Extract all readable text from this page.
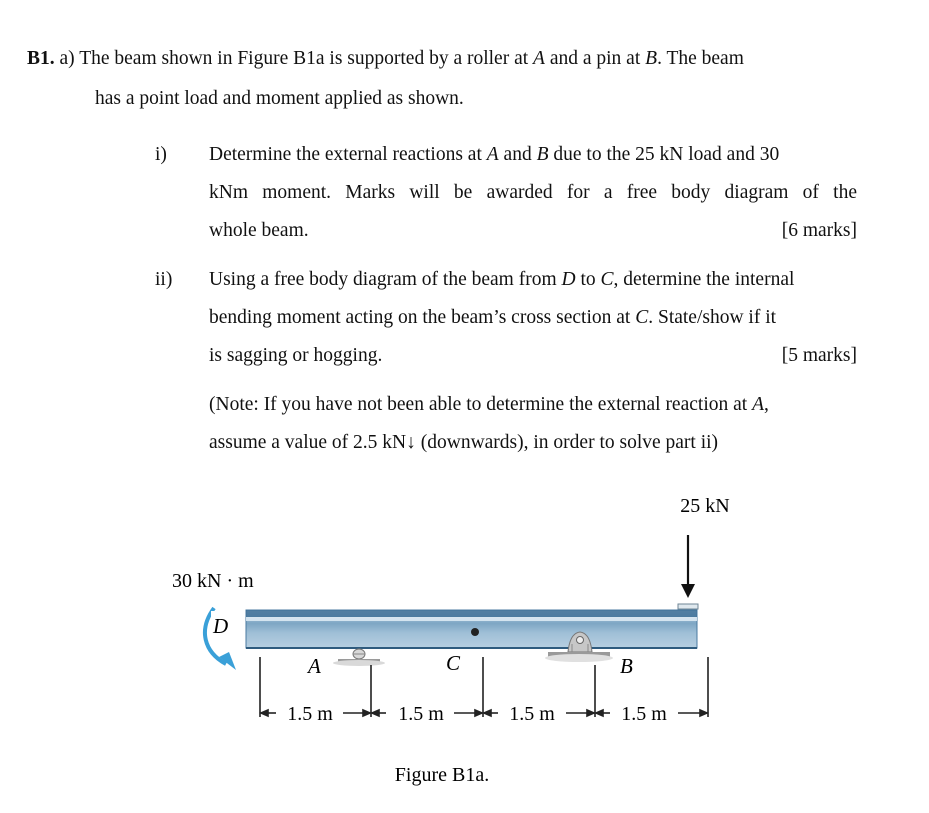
B1. a) The beam shown in Figure B1a is supported by a roller at A and a pin at B. The beam
has a point load and moment applied as shown.
i) Determine the external reactions at A and B due to the 25 kN load and 30
kNm moment. Marks will be awarded for a free body diagram of the
whole beam.	[6 marks]
ii) Using a free body diagram of the beam from D to C, determine the internal
bending moment acting on the beam’s cross section at C. State/show if it
is sagging or hogging.	[5 marks]
(Note: If you have not been able to determine the external reaction at A,
assume a value of 2.5 kN↓ (downwards), in order to solve part ii)
25 kN
30 kN · m
D
A	B
C
1.5 m	1.5 m	1.5 m	1.5 m
Figure B1a.
